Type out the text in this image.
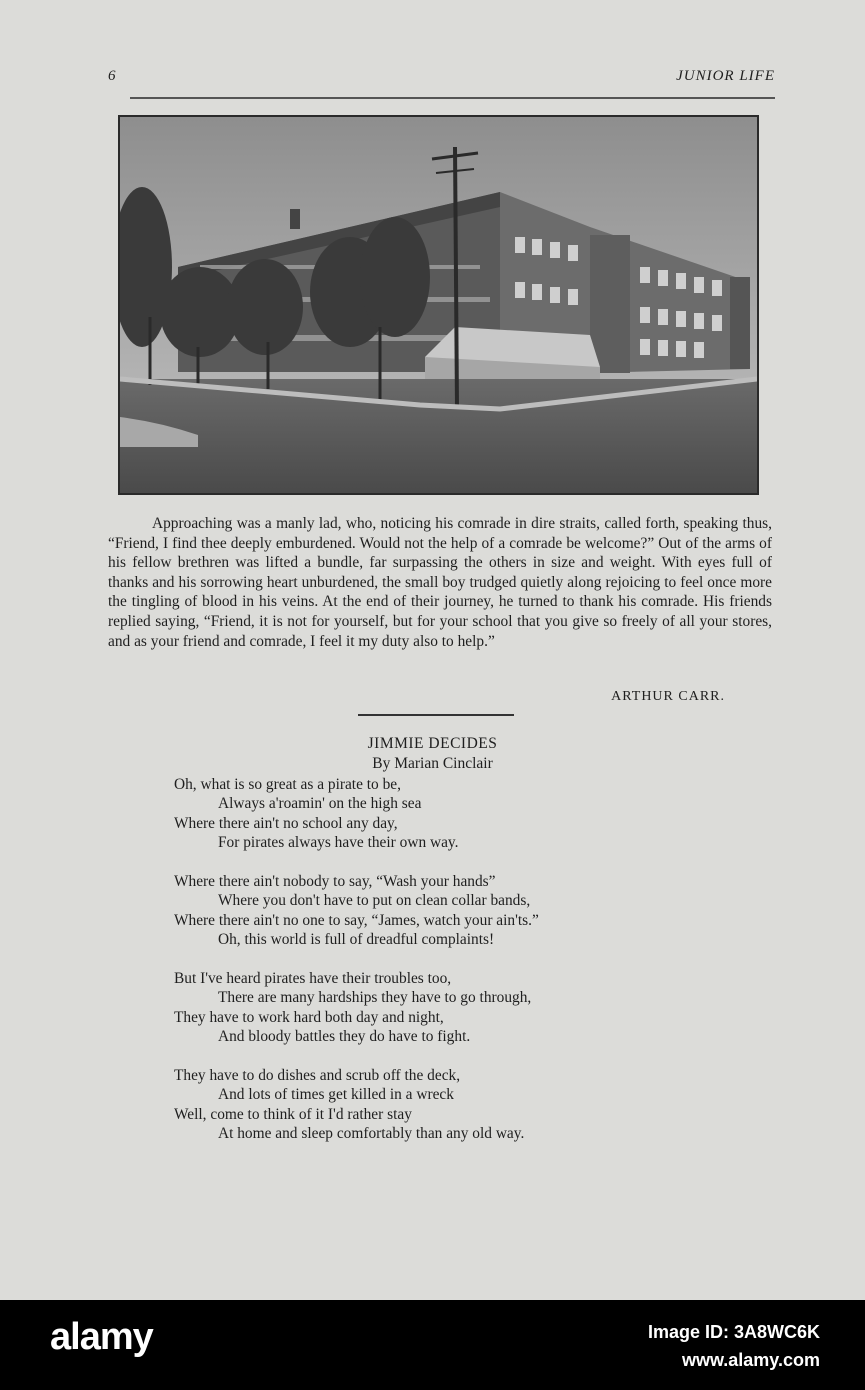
6	JUNIOR LIFE

Approaching was a manly lad, who, noticing his comrade in dire straits, called forth, speaking thus, “Friend, I find thee deeply emburdened. Would not the help of a comrade be welcome?” Out of the arms of his fellow brethren was lifted a bundle, far surpassing the others in size and weight. With eyes full of thanks and his sorrowing heart unburdened, the small boy trudged quietly along rejoicing to feel once more the tingling of blood in his veins. At the end of their journey, he turned to thank his comrade. His friends replied saying, “Friend, it is not for yourself, but for your school that you give so freely of all your stores, and as your friend and comrade, I feel it my duty also to help.”

ARTHUR CARR.
JIMMIE DECIDES
By Marian Cinclair
Oh, what is so great as a pirate to be,
Always a'roamin' on the high sea
Where there ain't no school any day,
For pirates always have their own way.
Where there ain't nobody to say, “Wash your hands”
Where you don't have to put on clean collar bands,
Where there ain't no one to say, “James, watch your ain'ts.”
Oh, this world is full of dreadful complaints!
But I've heard pirates have their troubles too,
There are many hardships they have to go through,
They have to work hard both day and night,
And bloody battles they do have to fight.
They have to do dishes and scrub off the deck,
And lots of times get killed in a wreck
Well, come to think of it I'd rather stay
At home and sleep comfortably than any old way.
alamy	Image ID: 3A8WC6K
www.alamy.com
